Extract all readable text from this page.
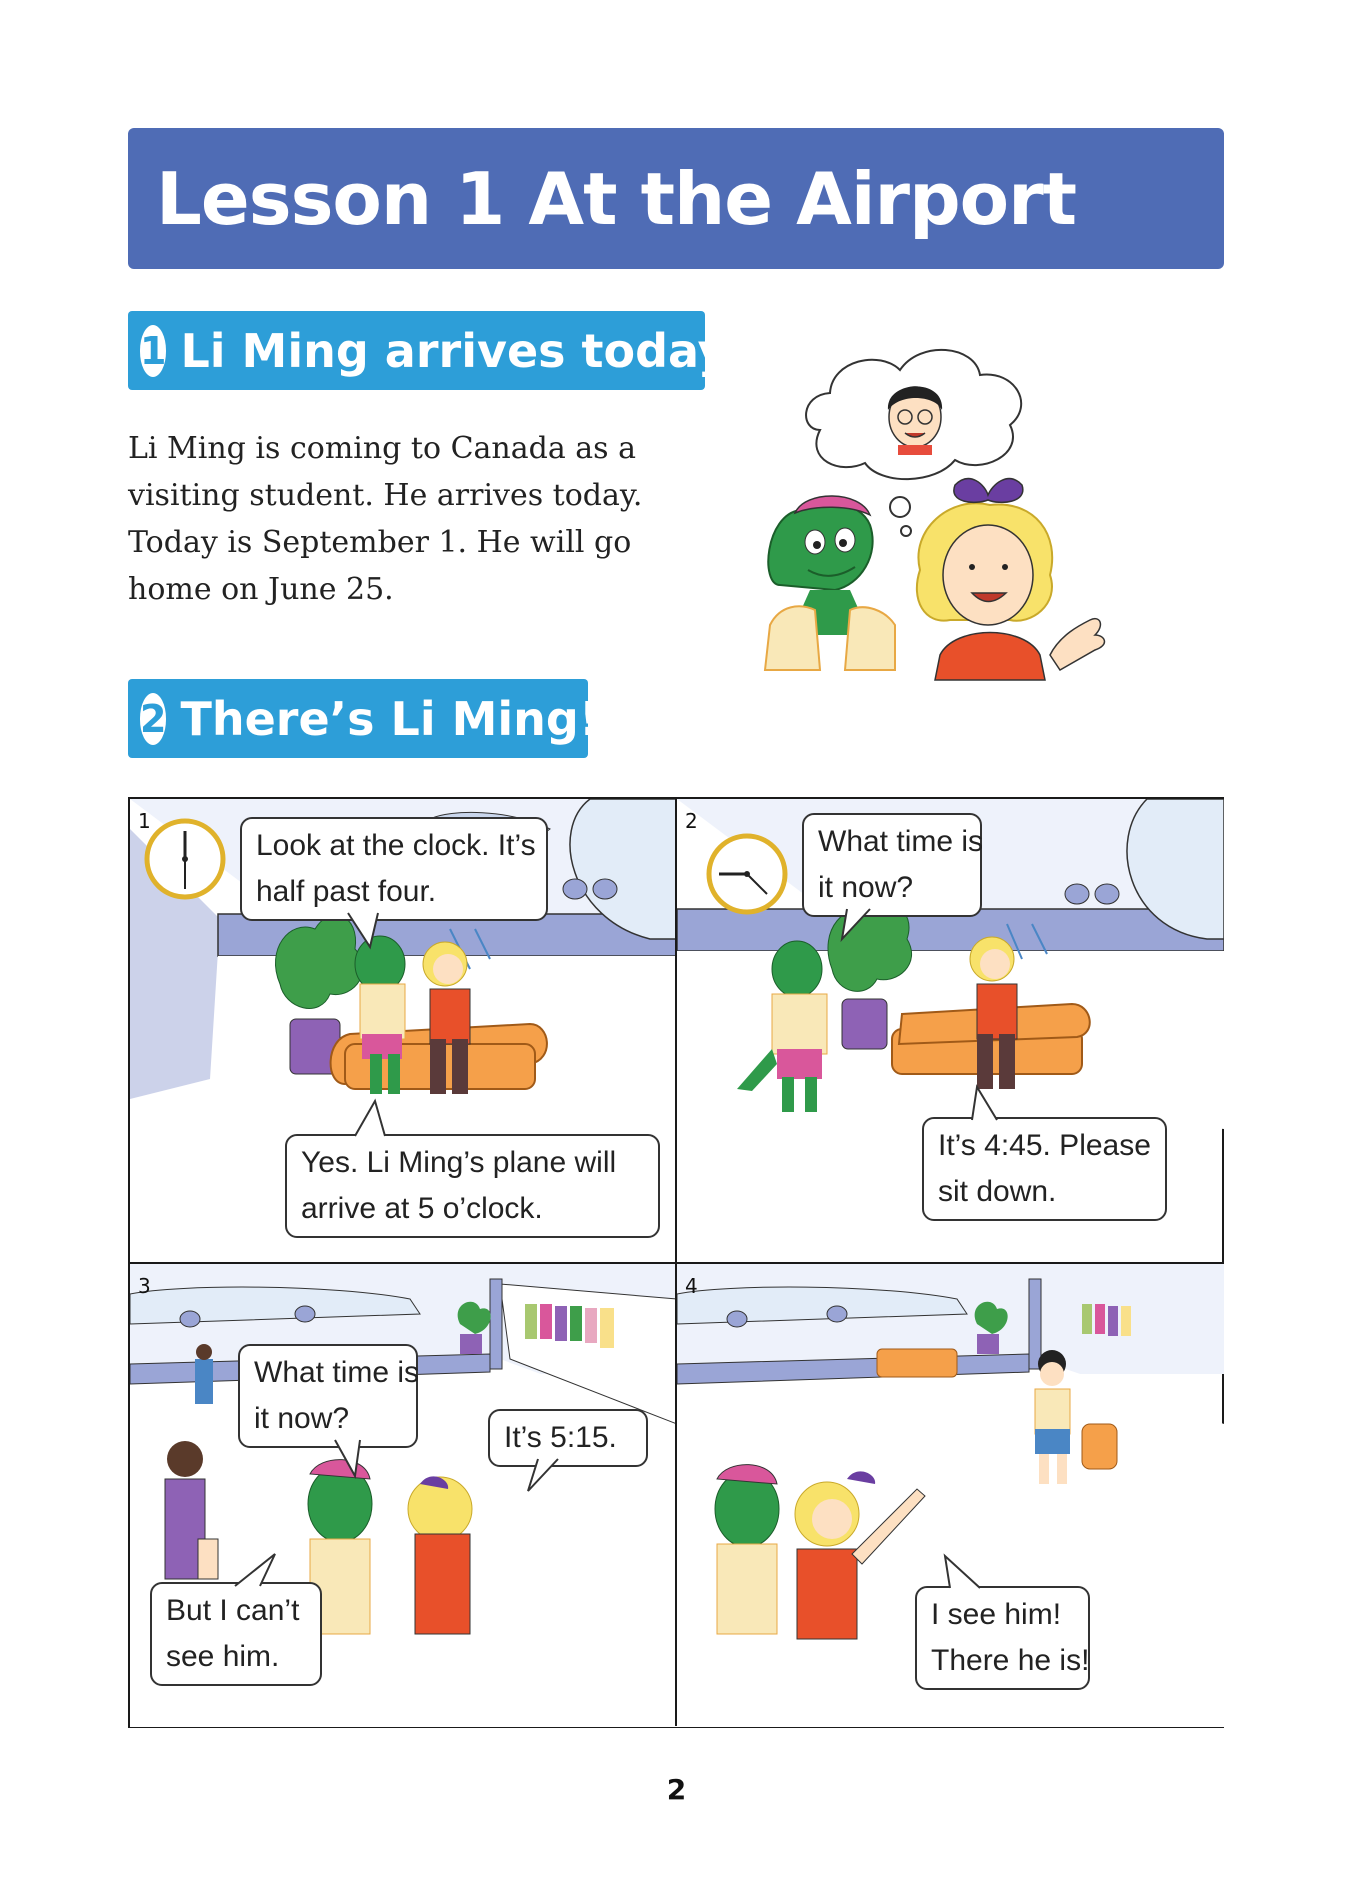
Lesson 1 At the Airport
1 Li Ming arrives today

Li Ming is coming to Canada as a

visiting student. He arrives today.

Today is September 1. He will go

home on June 25.

2 There’s Li Ming!
1
Look at the clock. It’s
half past four.
Yes. Li Ming’s plane will
arrive at 5 o’clock.
2
What time is
it now?
It’s 4:45. Please
sit down.
3
What time is
it now?
It’s 5:15.
But I can’t
see him.
4
I see him!
There he is!
2
